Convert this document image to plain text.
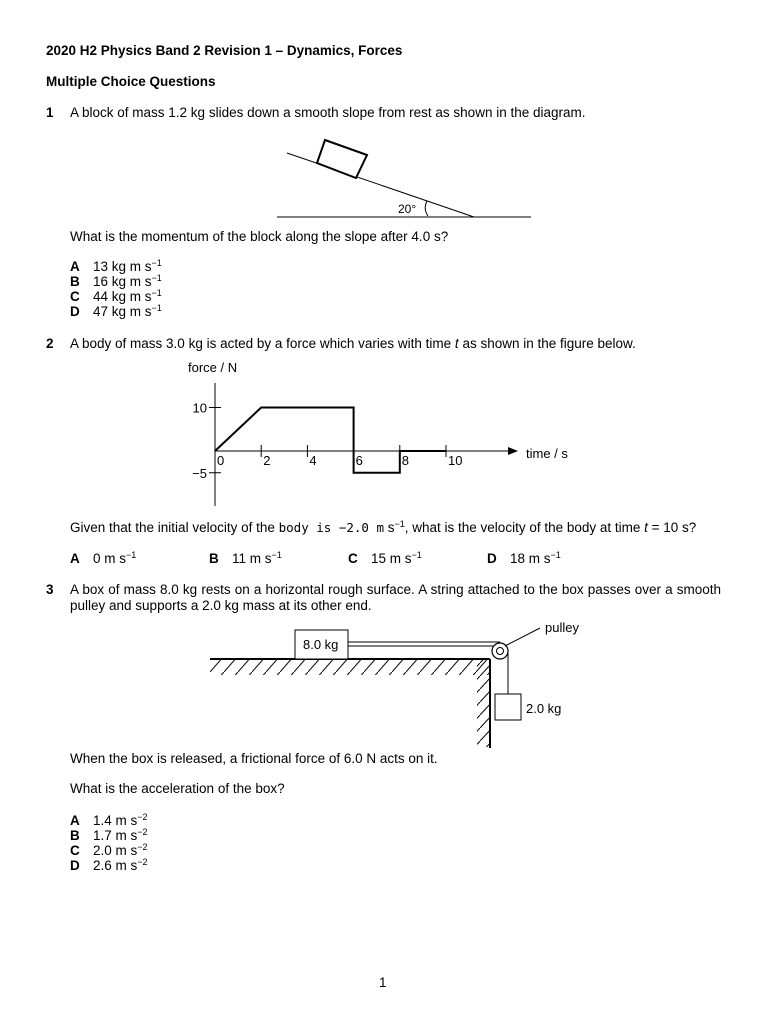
2020 H2 Physics Band 2 Revision 1 – Dynamics, Forces
Multiple Choice Questions
1 A block of mass 1.2 kg slides down a smooth slope from rest as shown in the diagram.
20°
What is the momentum of the block along the slope after 4.0 s?
A 13 kg m $s^{-1}$
B 16 kg m $s^{-1}$
C 44 kg m $s^{-1}$
D 47 kg m $s^{-1}$
2 A body of mass 3.0 kg is acted by a force which varies with time t as shown in the figure below.
force / N
time / s
0	2	4	6	8	10
10
−5
Given that the initial velocity of the body is −2.0 m $s^{-1}$, what is the velocity of the body at time t = 10 s?
A 0 m $s^{-1}$	B 11 m $s^{-1}$	C 15 m $s^{-1}$	D 18 m $s^{-1}$
3 A box of mass 8.0 kg rests on a horizontal rough surface. A string attached to the box passes over a smooth pulley and supports a 2.0 kg mass at its other end.
8.0 kg
pulley
2.0 kg
When the box is released, a frictional force of 6.0 N acts on it.
What is the acceleration of the box?
A 1.4 m $s^{-2}$
B 1.7 m $s^{-2}$
C 2.0 m $s^{-2}$
D 2.6 m $s^{-2}$
1
